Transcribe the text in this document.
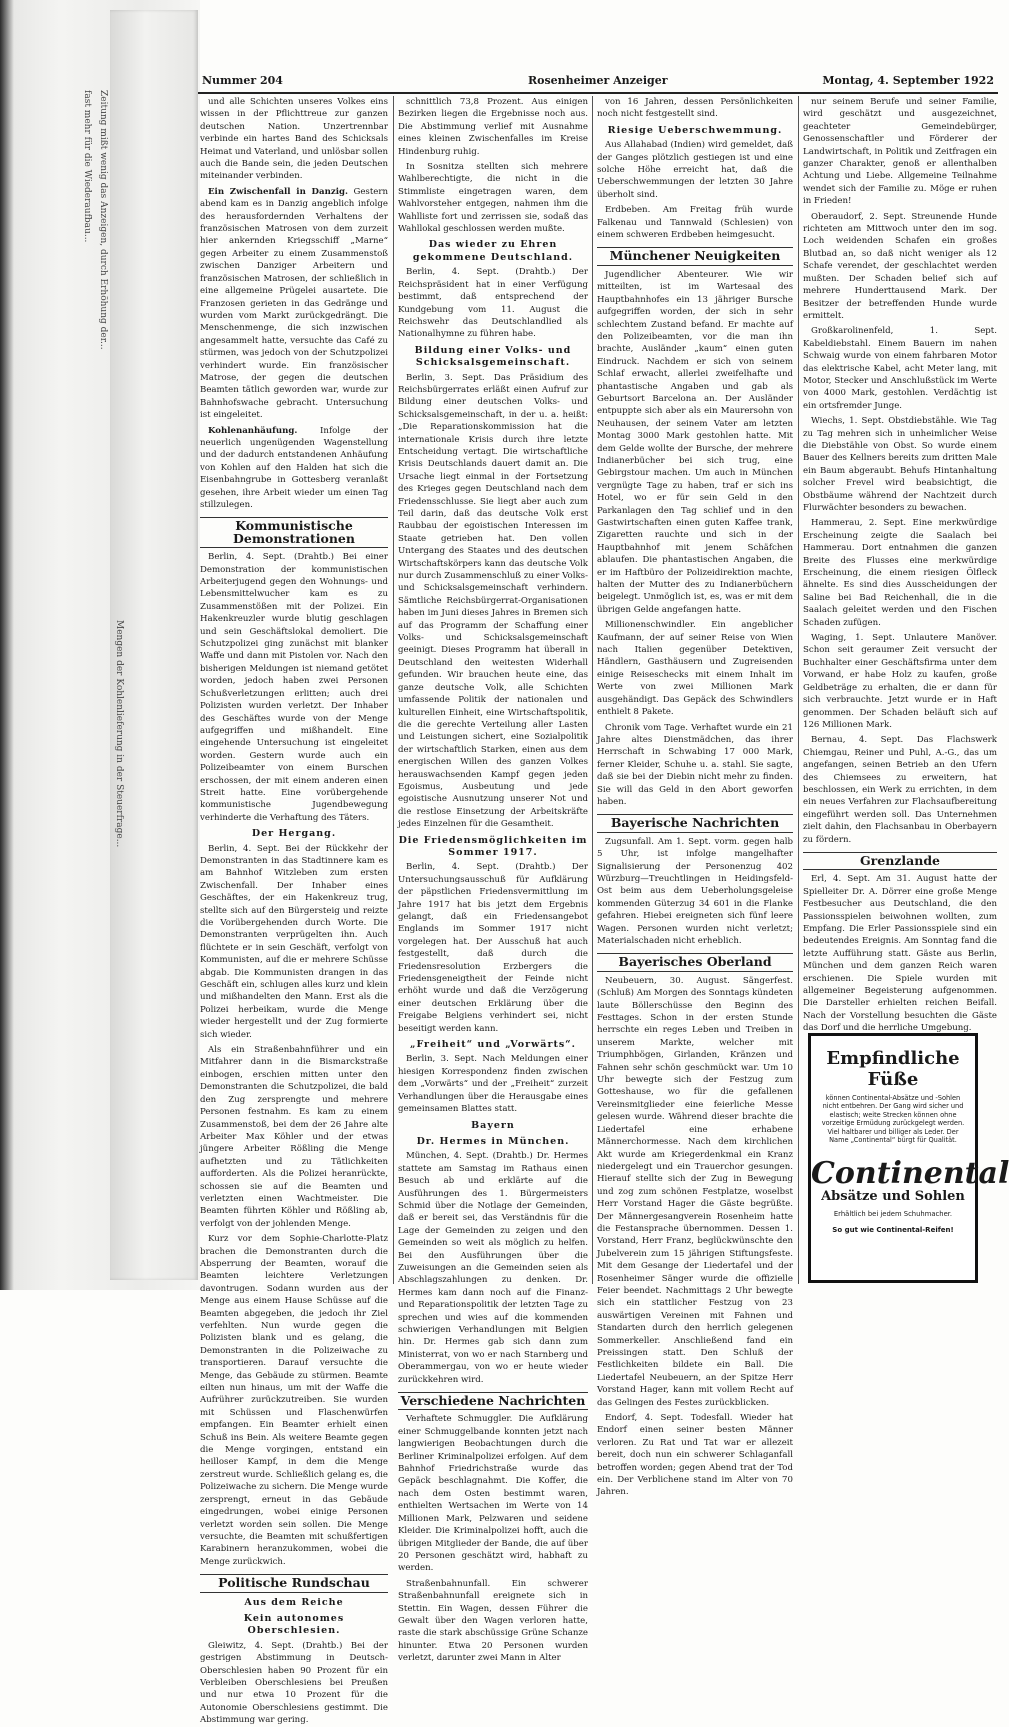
fast mehr für die Wiederaufbau... Zeitung mißt wenig das Anzeigen, durch Erhöhung der...
Mengen der Kohlenlieferung in der Steuerfrage...
Nummer 204	Rosenheimer Anzeiger	Montag, 4. September 1922

und alle Schichten unseres Volkes eins wissen in der Pflichttreue zur ganzen deutschen Nation. Unzertrennbar verbinde ein hartes Band des Schicksals Heimat und Vaterland, und unlösbar sollen auch die Bande sein, die jeden Deutschen miteinander verbinden.

Ein Zwischenfall in Danzig. Gestern abend kam es in Danzig angeblich infolge des herausfordernden Verhaltens der französischen Matrosen von dem zurzeit hier ankernden Kriegsschiff „Marne“ gegen Arbeiter zu einem Zusammenstoß zwischen Danziger Arbeitern und französischen Matrosen, der schließlich in eine allgemeine Prügelei ausartete. Die Franzosen gerieten in das Gedränge und wurden vom Markt zurückgedrängt. Die Menschenmenge, die sich inzwischen angesammelt hatte, versuchte das Café zu stürmen, was jedoch von der Schutzpolizei verhindert wurde. Ein französischer Matrose, der gegen die deutschen Beamten tätlich geworden war, wurde zur Bahnhofswache gebracht. Untersuchung ist eingeleitet.

Kohlenanhäufung.	Infolge der neuerlich ungenügenden Wagenstellung und der dadurch entstandenen Anhäufung von Kohlen auf den Halden hat sich die Eisenbahngrube in Gottesberg veranlaßt gesehen, ihre Arbeit wieder um einen Tag stillzulegen.

Kommunistische Demonstrationen

Berlin, 4. Sept. (Drahtb.) Bei einer Demonstration der kommunistischen Arbeiterjugend gegen den Wohnungs- und Lebensmittelwucher kam es zu Zusammenstößen mit der Polizei. Ein Hakenkreuzler wurde blutig geschlagen und sein Geschäftslokal demoliert. Die Schutzpolizei ging zunächst mit blanker Waffe und dann mit Pistolen vor. Nach den bisherigen Meldungen ist niemand getötet worden, jedoch haben zwei Personen Schußverletzungen erlitten; auch drei Polizisten wurden verletzt. Der Inhaber des Geschäftes wurde von der Menge aufgegriffen und mißhandelt. Eine eingehende Untersuchung ist eingeleitet worden. Gestern wurde auch ein Polizeibeamter von einem Burschen erschossen, der mit einem anderen einen Streit hatte. Eine vorübergehende kommunistische Jugendbewegung verhinderte die Verhaftung des Täters.

Der Hergang.

Berlin, 4. Sept. Bei der Rückkehr der Demonstranten in das Stadtinnere kam es am Bahnhof Witzleben zum ersten Zwischenfall. Der Inhaber eines Geschäftes, der ein Hakenkreuz trug, stellte sich auf den Bürgersteig und reizte die Vorübergehenden durch Worte. Die Demonstranten verprügelten ihn. Auch flüchtete er in sein Geschäft, verfolgt von Kommunisten, auf die er mehrere Schüsse abgab. Die Kommunisten drangen in das Geschäft ein, schlugen alles kurz und klein und mißhandelten den Mann. Erst als die Polizei herbeikam, wurde die Menge wieder hergestellt und der Zug formierte sich wieder.

Als ein Straßenbahnführer und ein Mitfahrer dann in die Bismarckstraße einbogen, erschien mitten unter den Demonstranten die Schutzpolizei, die bald den Zug zersprengte und mehrere Personen festnahm. Es kam zu einem Zusammenstoß, bei dem der 26 Jahre alte Arbeiter Max Köhler und der etwas jüngere Arbeiter Rößling die Menge aufhetzten und zu Tätlichkeiten aufforderten. Als die Polizei heranrückte, schossen sie auf die Beamten und verletzten einen Wachtmeister. Die Beamten führten Köhler und Rößling ab, verfolgt von der johlenden Menge.

Kurz vor dem Sophie-Charlotte-Platz brachen die Demonstranten durch die Absperrung der Beamten, worauf die Beamten leichtere Verletzungen davontrugen. Sodann wurden aus der Menge aus einem Hause Schüsse auf die Beamten abgegeben, die jedoch ihr Ziel verfehlten. Nun wurde gegen die Polizisten blank und es gelang, die Demonstranten in die Polizeiwache zu transportieren. Darauf versuchte die Menge, das Gebäude zu stürmen. Beamte eilten nun hinaus, um mit der Waffe die Aufrührer zurückzutreiben. Sie wurden mit Schüssen und Flaschenwürfen empfangen. Ein Beamter erhielt einen Schuß ins Bein. Als weitere Beamte gegen die Menge vorgingen, entstand ein heilloser Kampf, in dem die Menge zerstreut wurde. Schließlich gelang es, die Polizeiwache zu sichern. Die Menge wurde zersprengt, erneut in das Gebäude eingedrungen, wobei einige Personen verletzt worden sein sollen. Die Menge versuchte, die Beamten mit schußfertigen Karabinern heranzukommen, wobei die Menge zurückwich.

Politische Rundschau
Aus dem Reiche
Kein autonomes Oberschlesien.

Gleiwitz, 4. Sept. (Drahtb.) Bei der gestrigen Abstimmung in Deutsch-Oberschlesien haben 90 Prozent für ein Verbleiben Oberschlesiens bei Preußen und nur etwa 10 Prozent für die Autonomie Oberschlesiens gestimmt. Die Abstimmung war gering.

schnittlich 73,8 Prozent. Aus einigen Bezirken liegen die Ergebnisse noch aus. Die Abstimmung verlief mit Ausnahme eines kleinen Zwischenfalles im Kreise Hindenburg ruhig.

In Sosnitza stellten sich mehrere Wahlberechtigte, die nicht in die Stimmliste eingetragen waren, dem Wahlvorsteher entgegen, nahmen ihm die Wahlliste fort und zerrissen sie, sodaß das Wahllokal geschlossen werden mußte.

Das wieder zu Ehren gekommene Deutschland.

Berlin, 4. Sept. (Drahtb.) Der Reichspräsident hat in einer Verfügung bestimmt, daß entsprechend der Kundgebung vom 11. August die Reichswehr das Deutschlandlied als Nationalhymne zu führen habe.

Bildung einer Volks- und Schicksalsgemeinschaft.

Berlin, 3. Sept. Das Präsidium des Reichsbürgerrates erläßt einen Aufruf zur Bildung einer deutschen Volks- und Schicksalsgemeinschaft, in der u. a. heißt: „Die Reparationskommission hat die internationale Krisis durch ihre letzte Entscheidung vertagt. Die wirtschaftliche Krisis Deutschlands dauert damit an. Die Ursache liegt einmal in der Fortsetzung des Krieges gegen Deutschland nach dem Friedensschlusse. Sie liegt aber auch zum Teil darin, daß das deutsche Volk erst Raubbau der egoistischen Interessen im Staate getrieben hat. Den vollen Untergang des Staates und des deutschen Wirtschaftskörpers kann das deutsche Volk nur durch Zusammenschluß zu einer Volks- und Schicksalsgemeinschaft verhindern. Sämtliche Reichsbürgerrat-Organisationen haben im Juni dieses Jahres in Bremen sich auf das Programm der Schaffung einer Volks- und Schicksalsgemeinschaft geeinigt. Dieses Programm hat überall in Deutschland den weitesten Widerhall gefunden. Wir brauchen heute eine, das ganze deutsche Volk, alle Schichten umfassende Politik der nationalen und kulturellen Einheit, eine Wirtschaftspolitik, die die gerechte Verteilung aller Lasten und Leistungen sichert, eine Sozialpolitik der wirtschaftlich Starken, einen aus dem energischen Willen des ganzen Volkes herauswachsenden Kampf gegen jeden Egoismus, Ausbeutung und jede egoistische Ausnutzung unserer Not und die restlose Einsetzung der Arbeitskräfte jedes Einzelnen für die Gesamtheit.

Die Friedensmöglichkeiten im Sommer 1917.

Berlin, 4. Sept. (Drahtb.) Der Untersuchungsausschuß für Aufklärung der päpstlichen Friedensvermittlung im Jahre 1917 hat bis jetzt dem Ergebnis gelangt, daß ein Friedensangebot Englands im Sommer 1917 nicht vorgelegen hat. Der Ausschuß hat auch festgestellt, daß durch die Friedensresolution Erzbergers die Friedensgeneigtheit der Feinde nicht erhöht wurde und daß die Verzögerung einer deutschen Erklärung über die Freigabe Belgiens verhindert sei, nicht beseitigt werden kann.

„Freiheit“ und „Vorwärts“.

Berlin, 3. Sept. Nach Meldungen einer hiesigen Korrespondenz finden zwischen dem „Vorwärts“ und der „Freiheit“ zurzeit Verhandlungen über die Herausgabe eines gemeinsamen Blattes statt.

Bayern
Dr. Hermes in München.

München, 4. Sept. (Drahtb.) Dr. Hermes stattete am Samstag im Rathaus einen Besuch ab und erklärte auf die Ausführungen des 1. Bürgermeisters Schmid über die Notlage der Gemeinden, daß er bereit sei, das Verständnis für die Lage der Gemeinden zu zeigen und den Gemeinden so weit als möglich zu helfen. Bei den Ausführungen über die Zuweisungen an die Gemeinden seien als Abschlagszahlungen zu denken. Dr. Hermes kam dann noch auf die Finanz- und Reparationspolitik der letzten Tage zu sprechen und wies auf die kommenden schwierigen Verhandlungen mit Belgien hin. Dr. Hermes gab sich dann zum Ministerrat, von wo er nach Starnberg und Oberammergau, von wo er heute wieder zurückkehren wird.

Verschiedene Nachrichten

Verhaftete Schmuggler. Die Aufklärung einer Schmuggelbande konnten jetzt nach langwierigen Beobachtungen durch die Berliner Kriminalpolizei erfolgen. Auf dem Bahnhof Friedrichstraße wurde das Gepäck beschlagnahmt. Die Koffer, die nach dem Osten bestimmt waren, enthielten Wertsachen im Werte von 14 Millionen Mark, Pelzwaren und seidene Kleider. Die Kriminalpolizei hofft, auch die übrigen Mitglieder der Bande, die auf über 20 Personen geschätzt wird, habhaft zu werden.

Straßenbahnunfall. Ein schwerer Straßenbahnunfall ereignete sich in Stettin. Ein Wagen, dessen Führer die Gewalt über den Wagen verloren hatte, raste die stark abschüssige Grüne Schanze hinunter. Etwa 20 Personen wurden verletzt, darunter zwei Mann in Alter

von 16 Jahren, dessen Persönlichkeiten noch nicht festgestellt sind.

Riesige Ueberschwemmung.

Aus Allahabad (Indien) wird gemeldet, daß der Ganges plötzlich gestiegen ist und eine solche Höhe erreicht hat, daß die Ueberschwemmungen der letzten 30 Jahre überholt sind.

Erdbeben. Am Freitag früh wurde Falkenau und Tannwald (Schlesien) von einem schweren Erdbeben heimgesucht.

Münchener Neuigkeiten

Jugendlicher Abenteurer. Wie wir mitteilten, ist im Wartesaal des Hauptbahnhofes ein 13 jähriger Bursche aufgegriffen worden, der sich in sehr schlechtem Zustand befand. Er machte auf den Polizeibeamten, vor die man ihn brachte, Ausländer „kaum“ einen guten Eindruck. Nachdem er sich von seinem Schlaf erwacht, allerlei zweifelhafte und phantastische Angaben und gab als Geburtsort Barcelona an. Der Ausländer entpuppte sich aber als ein Maurersohn von Neuhausen, der seinem Vater am letzten Montag 3000 Mark gestohlen hatte. Mit dem Gelde wollte der Bursche, der mehrere Indianerbücher bei sich trug, eine Gebirgstour machen. Um auch in München vergnügte Tage zu haben, traf er sich ins Hotel, wo er für sein Geld in den Parkanlagen den Tag schlief und in den Gastwirtschaften einen guten Kaffee trank, Zigaretten rauchte und sich in der Hauptbahnhof mit jenem Schäfchen ablaufen. Die phantastischen Angaben, die er im Haftbüro der Polizeidirektion machte, halten der Mutter des zu Indianerbüchern beigelegt. Unmöglich ist, es, was er mit dem übrigen Gelde angefangen hatte.

Millionenschwindler. Ein angeblicher Kaufmann, der auf seiner Reise von Wien nach Italien gegenüber Detektiven, Händlern, Gasthäusern und Zugreisenden einige Reiseschecks mit einem Inhalt im Werte von zwei Millionen Mark ausgehändigt. Das Gepäck des Schwindlers enthielt 8 Pakete.

Chronik vom Tage. Verhaftet wurde ein 21 Jahre altes Dienstmädchen, das ihrer Herrschaft in Schwabing 17 000 Mark, ferner Kleider, Schuhe u. a. stahl. Sie sagte, daß sie bei der Diebin nicht mehr zu finden. Sie will das Geld in den Abort geworfen haben.

Bayerische Nachrichten

Zugsunfall. Am 1. Sept. vorm. gegen halb 5 Uhr, ist infolge mangelhafter Signalisierung der Personenzug 402 Würzburg—Treuchtlingen in Heidingsfeld-Ost beim aus dem Ueberholungsgeleise kommenden Güterzug 34 601 in die Flanke gefahren. Hiebei ereigneten sich fünf leere Wagen. Personen wurden nicht verletzt; Materialschaden nicht erheblich.

Bayerisches Oberland

Neubeuern, 30. August. Sängerfest. (Schluß) Am Morgen des Sonntags kündeten laute Böllerschüsse den Beginn des Festtages. Schon in der ersten Stunde herrschte ein reges Leben und Treiben in unserem Markte, welcher mit Triumphbögen, Girlanden, Kränzen und Fahnen sehr schön geschmückt war. Um 10 Uhr bewegte sich der Festzug zum Gotteshause, wo für die gefallenen Vereinsmitglieder eine feierliche Messe gelesen wurde. Während dieser brachte die Liedertafel eine erhabene Männerchormesse. Nach dem kirchlichen Akt wurde am Kriegerdenkmal ein Kranz niedergelegt und ein Trauerchor gesungen. Hierauf stellte sich der Zug in Bewegung und zog zum schönen Festplatze, woselbst Herr Vorstand Hager die Gäste begrüßte. Der Männergesangverein Rosenheim hatte die Festansprache übernommen. Dessen 1. Vorstand, Herr Franz, beglückwünschte den Jubelverein zum 15 jährigen Stiftungsfeste. Mit dem Gesange der Liedertafel und der Rosenheimer Sänger wurde die offizielle Feier beendet. Nachmittags 2 Uhr bewegte sich ein stattlicher Festzug von 23 auswärtigen Vereinen mit Fahnen und Standarten durch den herrlich gelegenen Sommerkeller. Anschließend fand ein Preissingen statt. Den Schluß der Festlichkeiten bildete ein Ball. Die Liedertafel Neubeuern, an der Spitze Herr Vorstand Hager, kann mit vollem Recht auf das Gelingen des Festes zurückblicken.

Endorf, 4. Sept. Todesfall. Wieder hat Endorf einen seiner besten Männer verloren. Zu Rat und Tat war er allezeit bereit, doch nun ein schwerer Schlaganfall betroffen worden; gegen Abend trat der Tod ein. Der Verblichene stand im Alter von 70 Jahren.

nur seinem Berufe und seiner Familie, wird geschätzt und ausgezeichnet, geachteter Gemeindebürger, Genossenschaftler und Förderer der Landwirtschaft, in Politik und Zeitfragen ein ganzer Charakter, genoß er allenthalben Achtung und Liebe. Allgemeine Teilnahme wendet sich der Familie zu. Möge er ruhen in Frieden!

Oberaudorf, 2. Sept. Streunende Hunde richteten am Mittwoch unter den im sog. Loch weidenden Schafen ein großes Blutbad an, so daß nicht weniger als 12 Schafe verendet, der geschlachtet werden mußten. Der Schaden belief sich auf mehrere Hunderttausend Mark. Der Besitzer der betreffenden Hunde wurde ermittelt.

Großkarolinenfeld, 1. Sept. Kabeldiebstahl. Einem Bauern im nahen Schwaig wurde von einem fahrbaren Motor das elektrische Kabel, acht Meter lang, mit Motor, Stecker und Anschlußstück im Werte von 4000 Mark, gestohlen. Verdächtig ist ein ortsfremder Junge.

Wiechs, 1. Sept. Obstdiebstähle. Wie Tag zu Tag mehren sich in unheimlicher Weise die Diebstähle von Obst. So wurde einem Bauer des Kellners bereits zum dritten Male ein Baum abgeraubt. Behufs Hintanhaltung solcher Frevel wird beabsichtigt, die Obstbäume während der Nachtzeit durch Flurwächter besonders zu bewachen.

Hammerau, 2. Sept. Eine merkwürdige Erscheinung zeigte die Saalach bei Hammerau. Dort entnahmen die ganzen Breite des Flusses eine merkwürdige Erscheinung, die einem riesigen Ölfleck ähnelte. Es sind dies Ausscheidungen der Saline bei Bad Reichenhall, die in die Saalach geleitet werden und den Fischen Schaden zufügen.

Waging, 1. Sept. Unlautere Manöver. Schon seit geraumer Zeit versucht der Buchhalter einer Geschäftsfirma unter dem Vorwand, er habe Holz zu kaufen, große Geldbeträge zu erhalten, die er dann für sich verbrauchte. Jetzt wurde er in Haft genommen. Der Schaden beläuft sich auf 126 Millionen Mark.

Bernau, 4. Sept. Das Flachswerk Chiemgau, Reiner und Puhl, A.-G., das um angefangen, seinen Betrieb an den Ufern des Chiemsees zu erweitern, hat beschlossen, ein Werk zu errichten, in dem ein neues Verfahren zur Flachsaufbereitung eingeführt werden soll. Das Unternehmen zielt dahin, den Flachsanbau in Oberbayern zu fördern.

Grenzlande

Erl, 4. Sept. Am 31. August hatte der Spielleiter Dr. A. Dörrer eine große Menge Festbesucher aus Deutschland, die den Passionsspielen beiwohnen wollten, zum Empfang. Die Erler Passionsspiele sind ein bedeutendes Ereignis. Am Sonntag fand die letzte Aufführung statt. Gäste aus Berlin, München und dem ganzen Reich waren erschienen. Die Spiele wurden mit allgemeiner Begeisterung aufgenommen. Die Darsteller erhielten reichen Beifall. Nach der Vorstellung besuchten die Gäste das Dorf und die herrliche Umgebung.

Empfindliche Füße
können Continental-Absätze und -Sohlen nicht entbehren. Der Gang wird sicher und elastisch; weite Strecken können ohne vorzeitige Ermüdung zurückgelegt werden. Viel haltbarer und billiger als Leder. Der Name „Continental“ bürgt für Qualität.
Continental
Absätze und Sohlen
Erhältlich bei jedem Schuhmacher.
So gut wie Continental-Reifen!
